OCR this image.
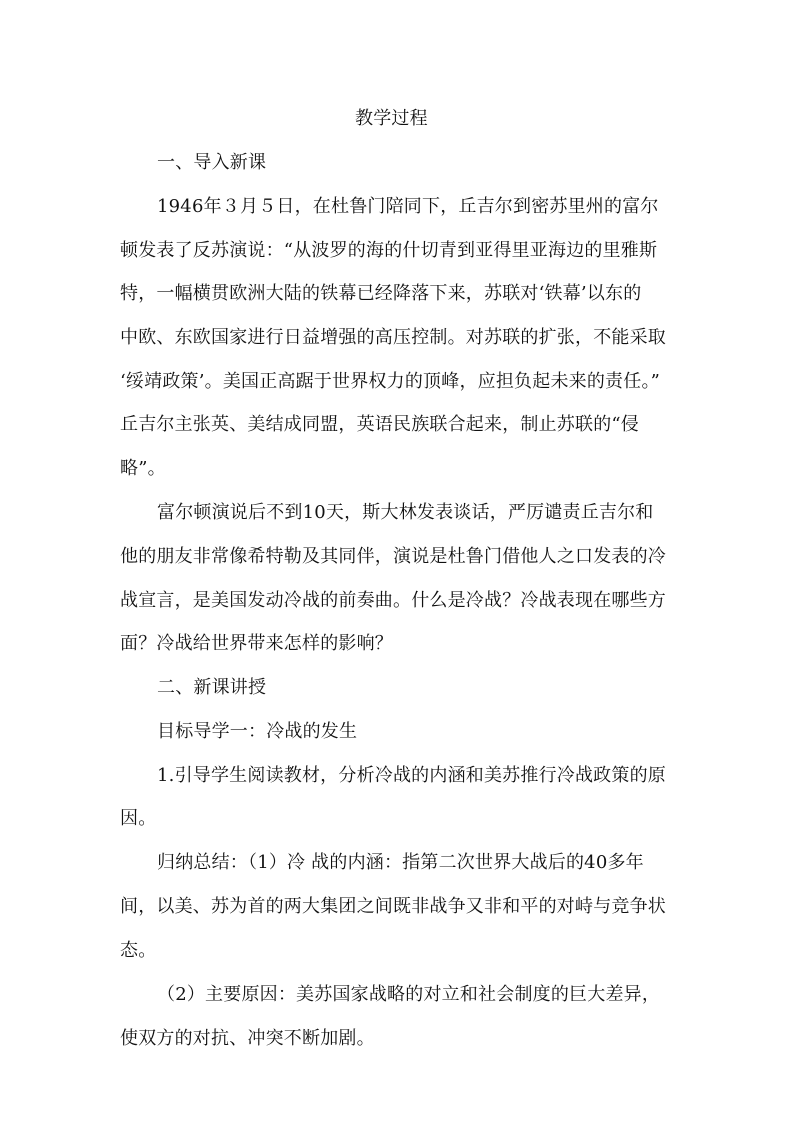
教学过程
一、导入新课
1946年３月５日，在杜鲁门陪同下，丘吉尔到密苏里州的富尔
顿发表了反苏演说：“从波罗的海的什切青到亚得里亚海边的里雅斯
特，一幅横贯欧洲大陆的铁幕已经降落下来，苏联对‘铁幕’以东的
中欧、东欧国家进行日益增强的高压控制。对苏联的扩张，不能采取
‘绥靖政策’。美国正高踞于世界权力的顶峰，应担负起未来的责任。”
丘吉尔主张英、美结成同盟，英语民族联合起来，制止苏联的“侵
略”。
富尔顿演说后不到10天，斯大林发表谈话，严厉谴责丘吉尔和
他的朋友非常像希特勒及其同伴，演说是杜鲁门借他人之口发表的冷
战宣言，是美国发动冷战的前奏曲。什么是冷战？冷战表现在哪些方
面？冷战给世界带来怎样的影响？
二、新课讲授
目标导学一：冷战的发生
1.引导学生阅读教材，分析冷战的内涵和美苏推行冷战政策的原
因。
归纳总结：（1）冷 战的内涵：指第二次世界大战后的40多年
间，以美、苏为首的两大集团之间既非战争又非和平的对峙与竞争状
态。
（2）主要原因：美苏国家战略的对立和社会制度的巨大差异，
使双方的对抗、冲突不断加剧。
